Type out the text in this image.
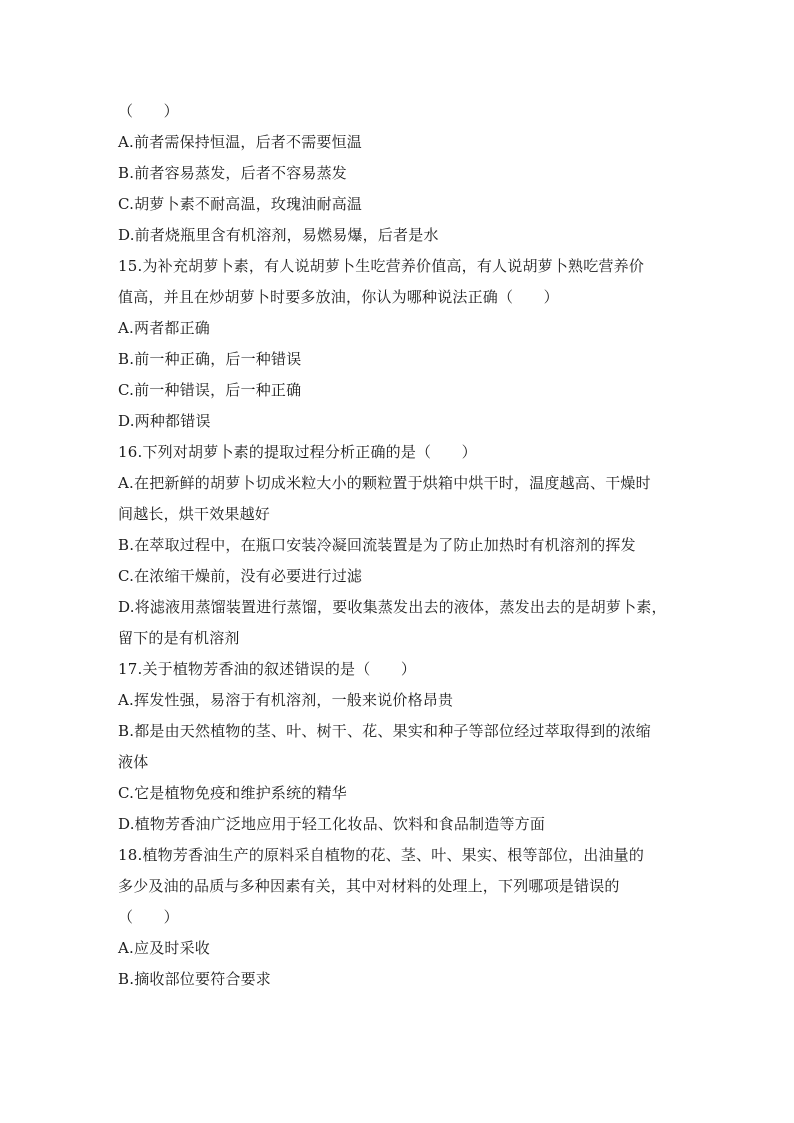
（　　）
A.前者需保持恒温，后者不需要恒温
B.前者容易蒸发，后者不容易蒸发
C.胡萝卜素不耐高温，玫瑰油耐高温
D.前者烧瓶里含有机溶剂，易燃易爆，后者是水
15.为补充胡萝卜素，有人说胡萝卜生吃营养价值高，有人说胡萝卜熟吃营养价
值高，并且在炒胡萝卜时要多放油，你认为哪种说法正确（　　）
A.两者都正确
B.前一种正确，后一种错误
C.前一种错误，后一种正确
D.两种都错误
16.下列对胡萝卜素的提取过程分析正确的是（　　）
A.在把新鲜的胡萝卜切成米粒大小的颗粒置于烘箱中烘干时，温度越高、干燥时
间越长，烘干效果越好
B.在萃取过程中，在瓶口安装冷凝回流装置是为了防止加热时有机溶剂的挥发
C.在浓缩干燥前，没有必要进行过滤
D.将滤液用蒸馏装置进行蒸馏，要收集蒸发出去的液体，蒸发出去的是胡萝卜素，
留下的是有机溶剂
17.关于植物芳香油的叙述错误的是（　　）
A.挥发性强，易溶于有机溶剂，一般来说价格昂贵
B.都是由天然植物的茎、叶、树干、花、果实和种子等部位经过萃取得到的浓缩
液体
C.它是植物免疫和维护系统的精华
D.植物芳香油广泛地应用于轻工化妆品、饮料和食品制造等方面
18.植物芳香油生产的原料采自植物的花、茎、叶、果实、根等部位，出油量的
多少及油的品质与多种因素有关，其中对材料的处理上，下列哪项是错误的
（　　）
A.应及时采收
B.摘收部位要符合要求
